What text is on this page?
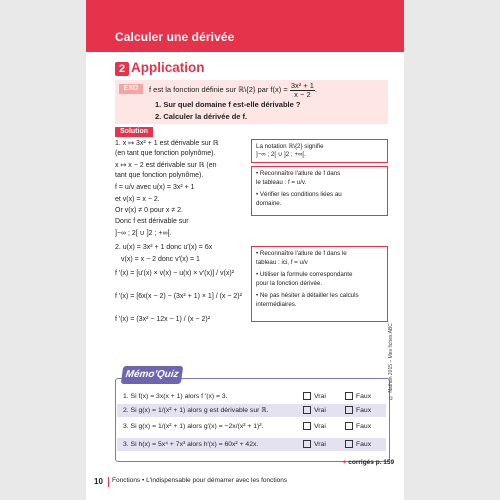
Calculer une dérivée
2 Application
EXO	f est la fonction définie sur ℝ\{2} par $f(x) = \frac{\text{3x² + 1}}{x - 2}$ .
1. Sur quel domaine f est-elle dérivable ?
2. Calculer la dérivée de f.
Solution
1. x ↦ 3x² + 1 est dérivable sur ℝ
(en tant que fonction polynôme).
x ↦ x − 2 est dérivable sur ℝ (en
tant que fonction polynôme).
f = u/v avec u(x) = 3x² + 1
et v(x) = x − 2.
Or v(x) ≠ 0 pour x ≠ 2.
Donc f est dérivable sur
]−∞ ; 2[ ∪ ]2 ; +∞[.
2. u(x) = 3x² + 1 donc u′(x) = 6x
v(x) = x − 2 donc v′(x) = 1
f ′(x) = [u′(x) × v(x) − u(x) × v′(x)] / v(x)²
f ′(x) = [6x(x − 2) − (3x² + 1) × 1] / (x − 2)²
f ′(x) = (3x² − 12x − 1) / (x − 2)²
La notation ℝ\{2} signifie
]−∞ ; 2[ ∪ ]2 ; +∞[.
• Reconnaître l'allure de f dans
le tableau : f = u/v.
• Vérifier les conditions liées au
domaine.
• Reconnaître l'allure de f dans le
tableau : ici, f = u/v
• Utiliser la formule correspondante
pour la fonction dérivée.
• Ne pas hésiter à détailler les calculs
intermédiaires.
Mémo'Quiz
1. Si f(x) = 3x(x + 1) alors f ′(x) = 3.	Vrai	Faux
2. Si g(x) = 1/(x² + 1) alors g est dérivable sur ℝ.	Vrai	Faux
3. Si g(x) = 1/(x² + 1) alors g′(x) = −2x/(x² + 1)².	Vrai	Faux
3. Si h(x) = 5x⁴ + 7x³ alors h′(x) = 60x² + 42x.	Vrai	Faux
➔ corrigés p. 159
10 Fonctions • L'indispensable pour démarrer avec les fonctions
© Nathan 2015 – Mes fiches ABC
